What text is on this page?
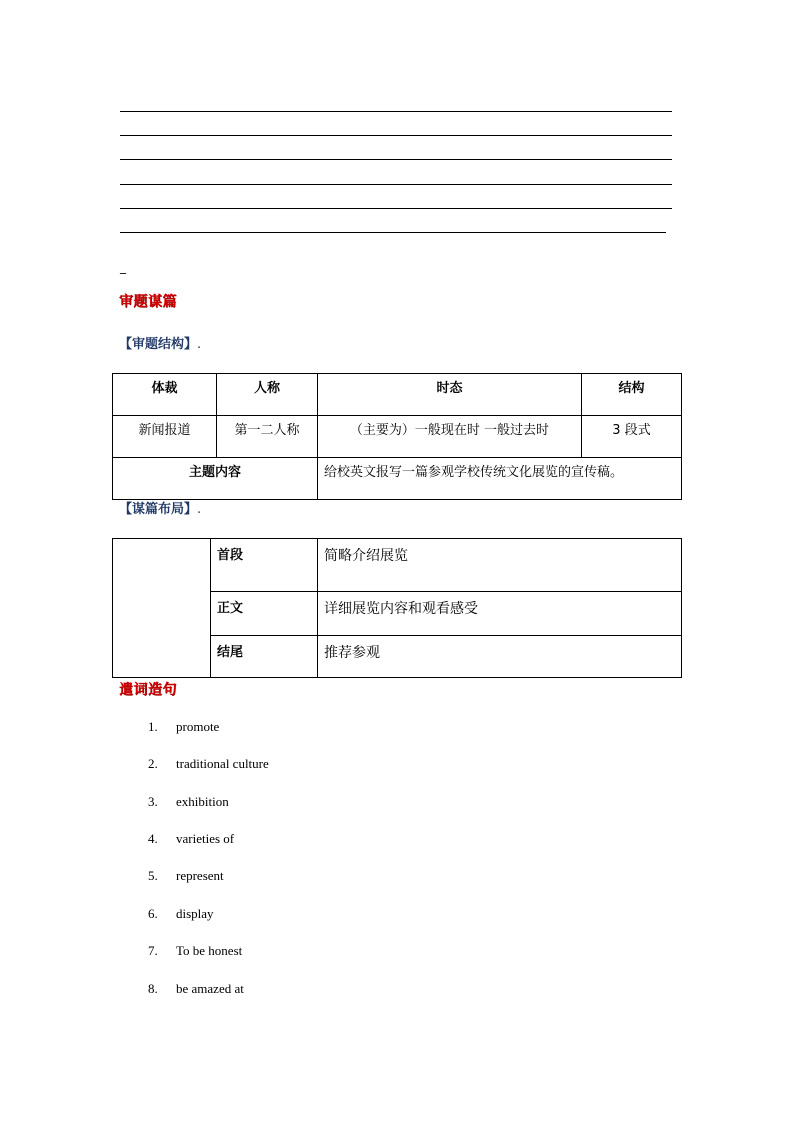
_
审题谋篇
【审题结构】.
体裁	人称	时态	结构
新闻报道	第一二人称	（主要为）一般现在时 一般过去时	3 段式
主题内容		给校英文报写一篇参观学校传统文化展览的宣传稿。	
【谋篇布局】.
	首段	简略介绍展览
	正文	详细展览内容和观看感受
	结尾	推荐参观
遣词造句
1. promote
2. traditional culture
3. exhibition
4. varieties of
5. represent
6. display
7. To be honest
8. be amazed at
